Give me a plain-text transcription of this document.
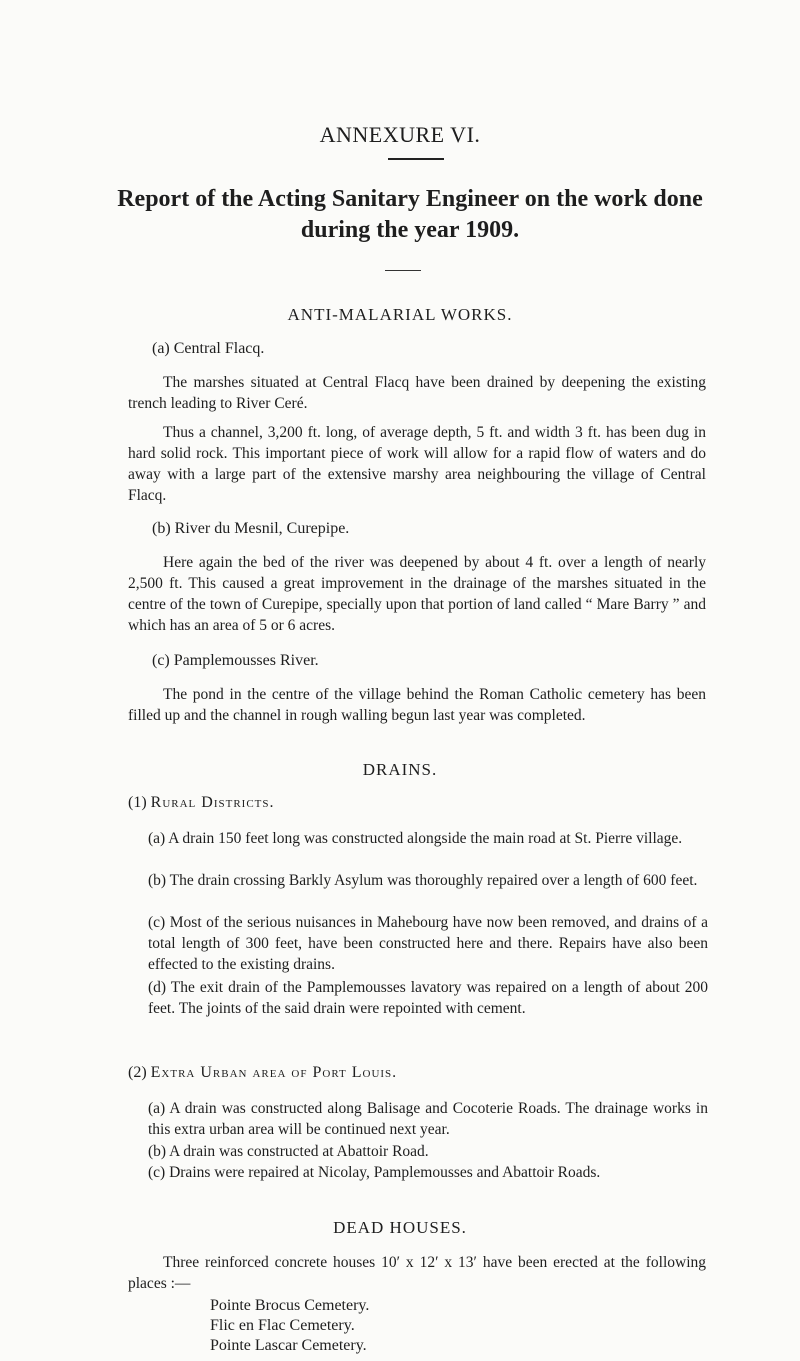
ANNEXURE VI.
Report of the Acting Sanitary Engineer on the work done
during the year 1909.
ANTI-MALARIAL WORKS.
(a) Central Flacq.

The marshes situated at Central Flacq have been drained by deepening the existing trench leading to River Ceré.

Thus a channel, 3,200 ft. long, of average depth, 5 ft. and width 3 ft. has been dug in hard solid rock. This important piece of work will allow for a rapid flow of waters and do away with a large part of the extensive marshy area neighbouring the village of Central Flacq.

(b) River du Mesnil, Curepipe.

Here again the bed of the river was deepened by about 4 ft. over a length of nearly 2,500 ft. This caused a great improvement in the drainage of the marshes situated in the centre of the town of Curepipe, specially upon that portion of land called “ Mare Barry ” and which has an area of 5 or 6 acres.

(c) Pamplemousses River.

The pond in the centre of the village behind the Roman Catholic cemetery has been filled up and the channel in rough walling begun last year was completed.

DRAINS.
(1) Rural Districts.

(a) A drain 150 feet long was constructed alongside the main road at St. Pierre village.

(b) The drain crossing Barkly Asylum was thoroughly repaired over a length of 600 feet.

(c) Most of the serious nuisances in Mahebourg have now been removed, and drains of a total length of 300 feet, have been constructed here and there. Repairs have also been effected to the existing drains.

(d) The exit drain of the Pamplemousses lavatory was repaired on a length of about 200 feet. The joints of the said drain were repointed with cement.

(2) Extra Urban area of Port Louis.

(a) A drain was constructed along Balisage and Cocoterie Roads. The drainage works in this extra urban area will be continued next year.

(b) A drain was constructed at Abattoir Road.

(c) Drains were repaired at Nicolay, Pamplemousses and Abattoir Roads.

DEAD HOUSES.

Three reinforced concrete houses 10′ x 12′ x 13′ have been erected at the following places :—

Pointe Brocus Cemetery.
Flic en Flac Cemetery.
Pointe Lascar Cemetery.
